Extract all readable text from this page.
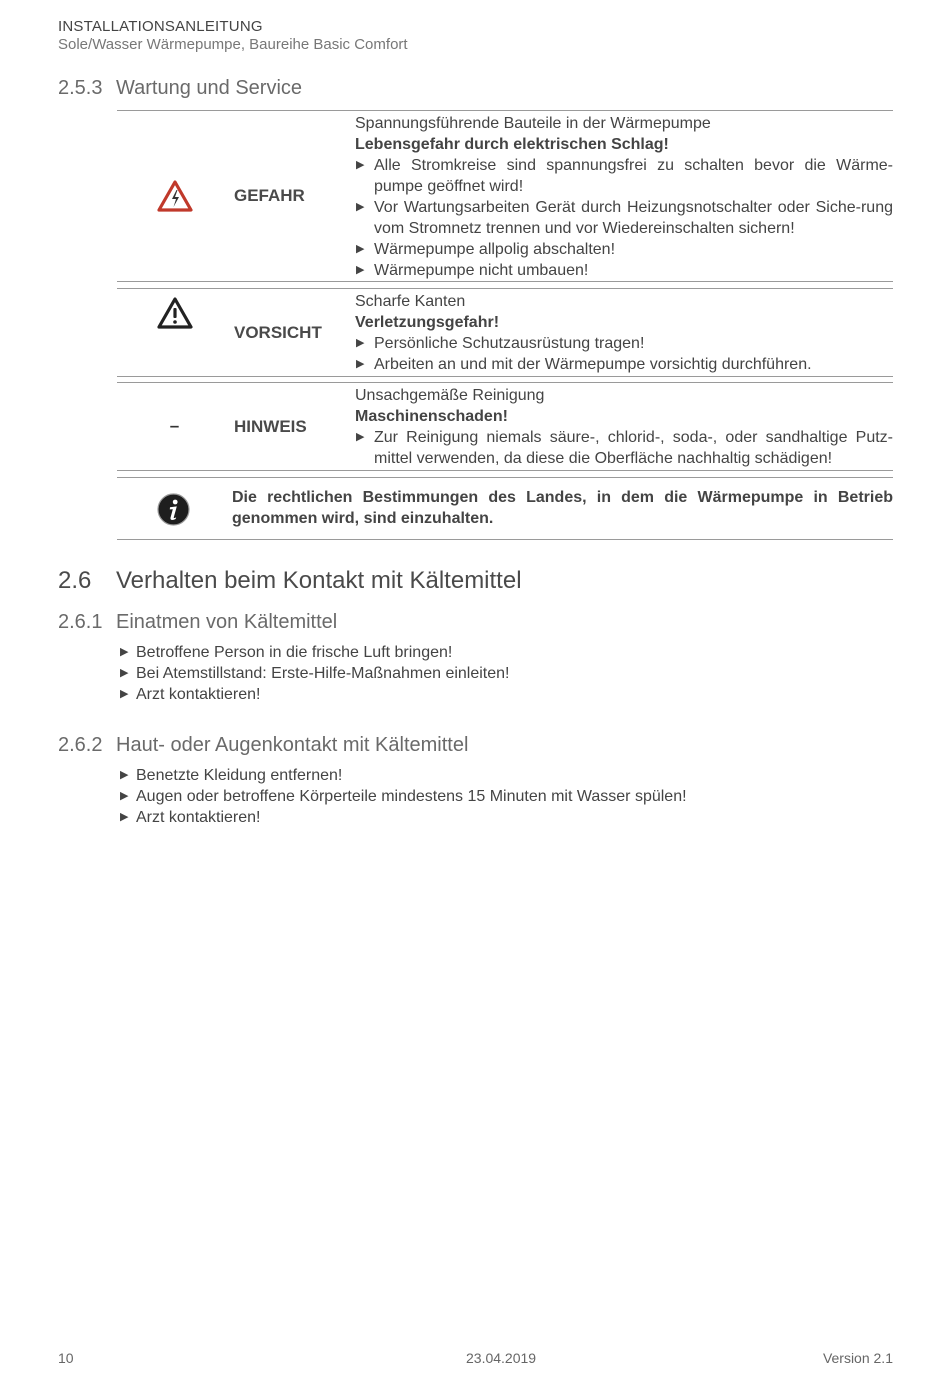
INSTALLATIONSANLEITUNG
Sole/Wasser Wärmepumpe, Baureihe Basic Comfort
2.5.3 Wartung und Service
GEFAHR
Spannungsführende Bauteile in der Wärmepumpe
Lebensgefahr durch elektrischen Schlag!
▶ Alle Stromkreise sind spannungsfrei zu schalten bevor die Wärme-pumpe geöffnet wird!
▶ Vor Wartungsarbeiten Gerät durch Heizungsnotschalter oder Siche-rung vom Stromnetz trennen und vor Wiedereinschalten sichern!
▶ Wärmepumpe allpolig abschalten!
▶ Wärmepumpe nicht umbauen!
VORSICHT
Scharfe Kanten
Verletzungsgefahr!
▶ Persönliche Schutzausrüstung tragen!
▶ Arbeiten an und mit der Wärmepumpe vorsichtig durchführen.
–	HINWEIS
Unsachgemäße Reinigung
Maschinenschaden!
▶ Zur Reinigung niemals säure-, chlorid-, soda-, oder sandhaltige Putz-mittel verwenden, da diese die Oberfläche nachhaltig schädigen!
Die rechtlichen Bestimmungen des Landes, in dem die Wärmepumpe in Betrieb genommen wird, sind einzuhalten.
2.6 Verhalten beim Kontakt mit Kältemittel
2.6.1 Einatmen von Kältemittel
▶ Betroffene Person in die frische Luft bringen!
▶ Bei Atemstillstand: Erste-Hilfe-Maßnahmen einleiten!
▶ Arzt kontaktieren!
2.6.2 Haut- oder Augenkontakt mit Kältemittel
▶ Benetzte Kleidung entfernen!
▶ Augen oder betroffene Körperteile mindestens 15 Minuten mit Wasser spülen!
▶ Arzt kontaktieren!
10	23.04.2019	Version 2.1
